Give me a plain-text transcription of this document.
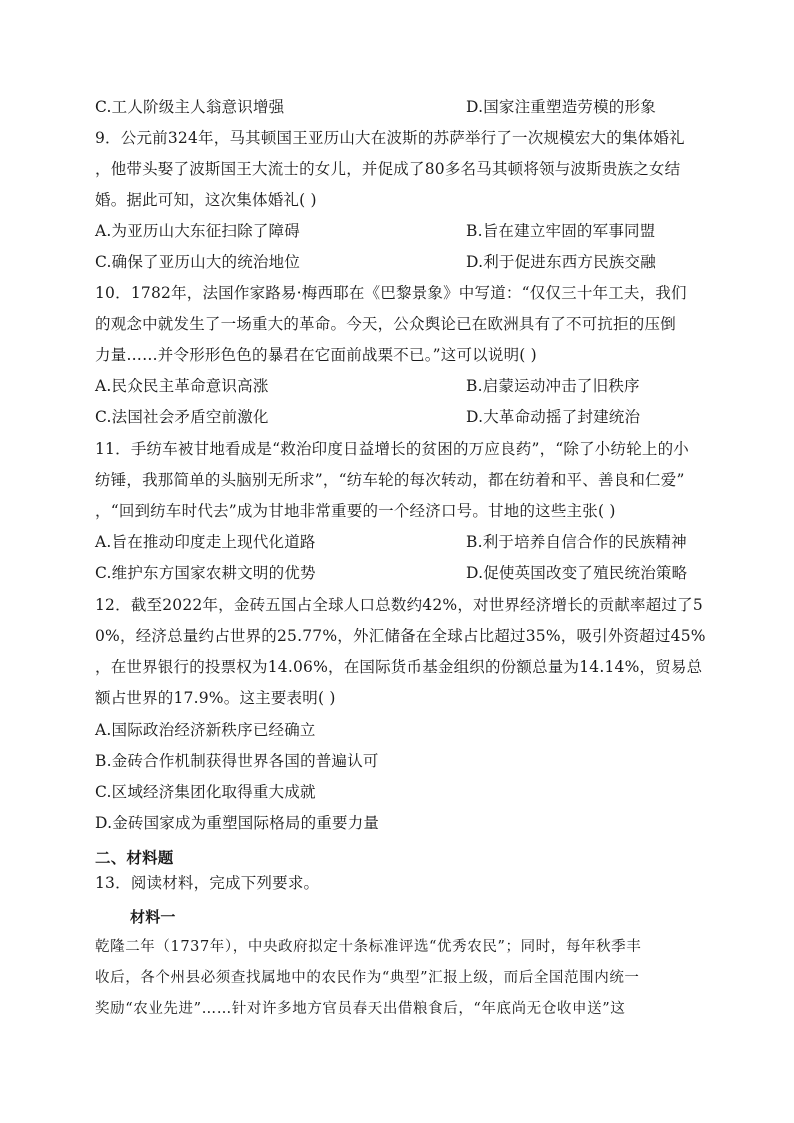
C.工人阶级主人翁意识增强	D.国家注重塑造劳模的形象
9．公元前324年，马其顿国王亚历山大在波斯的苏萨举行了一次规模宏大的集体婚礼
，他带头娶了波斯国王大流士的女儿，并促成了80多名马其顿将领与波斯贵族之女结
婚。据此可知，这次集体婚礼( )
A.为亚历山大东征扫除了障碍	B.旨在建立牢固的军事同盟
C.确保了亚历山大的统治地位	D.利于促进东西方民族交融
10．1782年，法国作家路易·梅西耶在《巴黎景象》中写道：“仅仅三十年工夫，我们
的观念中就发生了一场重大的革命。今天，公众舆论已在欧洲具有了不可抗拒的压倒
力量……并令形形色色的暴君在它面前战栗不已。”这可以说明( )
A.民众民主革命意识高涨	B.启蒙运动冲击了旧秩序
C.法国社会矛盾空前激化	D.大革命动摇了封建统治
11．手纺车被甘地看成是“救治印度日益增长的贫困的万应良药”，“除了小纺轮上的小
纺锤，我那简单的头脑别无所求”，“纺车轮的每次转动，都在纺着和平、善良和仁爱”
，“回到纺车时代去”成为甘地非常重要的一个经济口号。甘地的这些主张( )
A.旨在推动印度走上现代化道路	B.利于培养自信合作的民族精神
C.维护东方国家农耕文明的优势	D.促使英国改变了殖民统治策略
12．截至2022年，金砖五国占全球人口总数约42%，对世界经济增长的贡献率超过了5
0%，经济总量约占世界的25.77%，外汇储备在全球占比超过35%，吸引外资超过45%
，在世界银行的投票权为14.06%，在国际货币基金组织的份额总量为14.14%，贸易总
额占世界的17.9%。这主要表明( )
A.国际政治经济新秩序已经确立
B.金砖合作机制获得世界各国的普遍认可
C.区域经济集团化取得重大成就
D.金砖国家成为重塑国际格局的重要力量
二、材料题
13．阅读材料，完成下列要求。
材料一
乾隆二年（1737年），中央政府拟定十条标准评选“优秀农民”；同时，每年秋季丰
收后，各个州县必须查找属地中的农民作为“典型”汇报上级，而后全国范围内统一
奖励“农业先进”……针对许多地方官员春天出借粮食后，“年底尚无仓收申送”这
